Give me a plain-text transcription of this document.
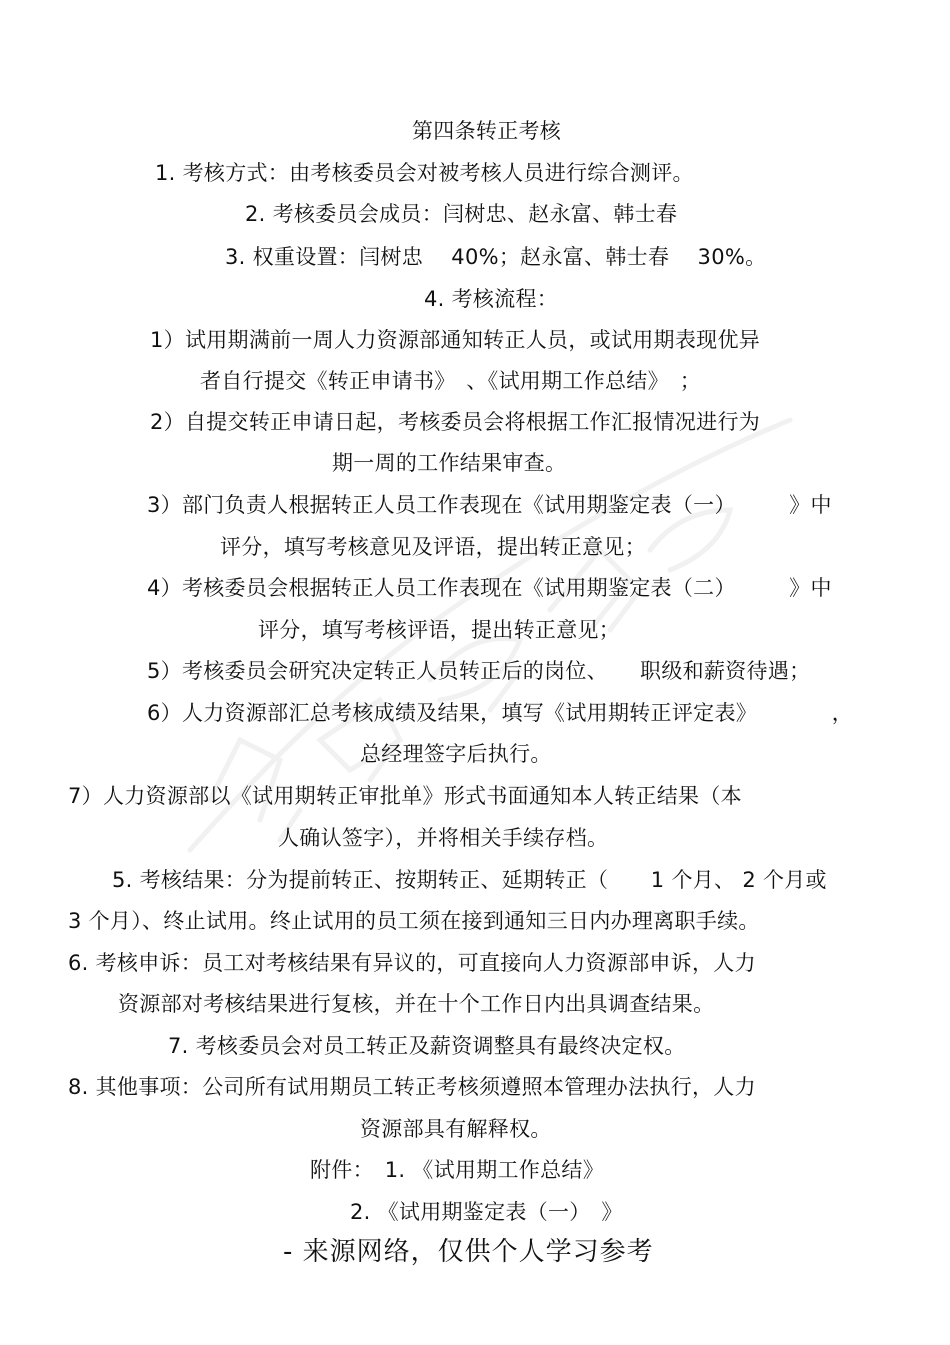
第四条转正考核
1. 考核方式：由考核委员会对被考核人员进行综合测评。
2. 考核委员会成员：闫树忠、赵永富、韩士春
3. 权重设置：闫树忠　 40%；赵永富、韩士春　 30%。
4. 考核流程：
1）试用期满前一周人力资源部通知转正人员，或试用期表现优异
者自行提交《转正申请书》　、《试用期工作总结》　；
2）自提交转正申请日起，考核委员会将根据工作汇报情况进行为
期一周的工作结果审查。
3）部门负责人根据转正人员工作表现在《试用期鉴定表（一）　　　》中
评分，填写考核意见及评语，提出转正意见；
4）考核委员会根据转正人员工作表现在《试用期鉴定表（二）　　　》中
评分，填写考核评语，提出转正意见；
5）考核委员会研究决定转正人员转正后的岗位、　　职级和薪资待遇；
6）人力资源部汇总考核成绩及结果，填写《试用期转正评定表》　　　　，
总经理签字后执行。
7）人力资源部以《试用期转正审批单》形式书面通知本人转正结果（本
人确认签字），并将相关手续存档。
5. 考核结果：分为提前转正、按期转正、延期转正（　　1 个月、 2 个月或
3 个月）、终止试用。终止试用的员工须在接到通知三日内办理离职手续。
6. 考核申诉：员工对考核结果有异议的，可直接向人力资源部申诉，人力
资源部对考核结果进行复核，并在十个工作日内出具调查结果。
7. 考核委员会对员工转正及薪资调整具有最终决定权。
8. 其他事项：公司所有试用期员工转正考核须遵照本管理办法执行，人力
资源部具有解释权。
附件：　1. 《试用期工作总结》
2. 《试用期鉴定表（一）　》
- 来源网络，仅供个人学习参考
